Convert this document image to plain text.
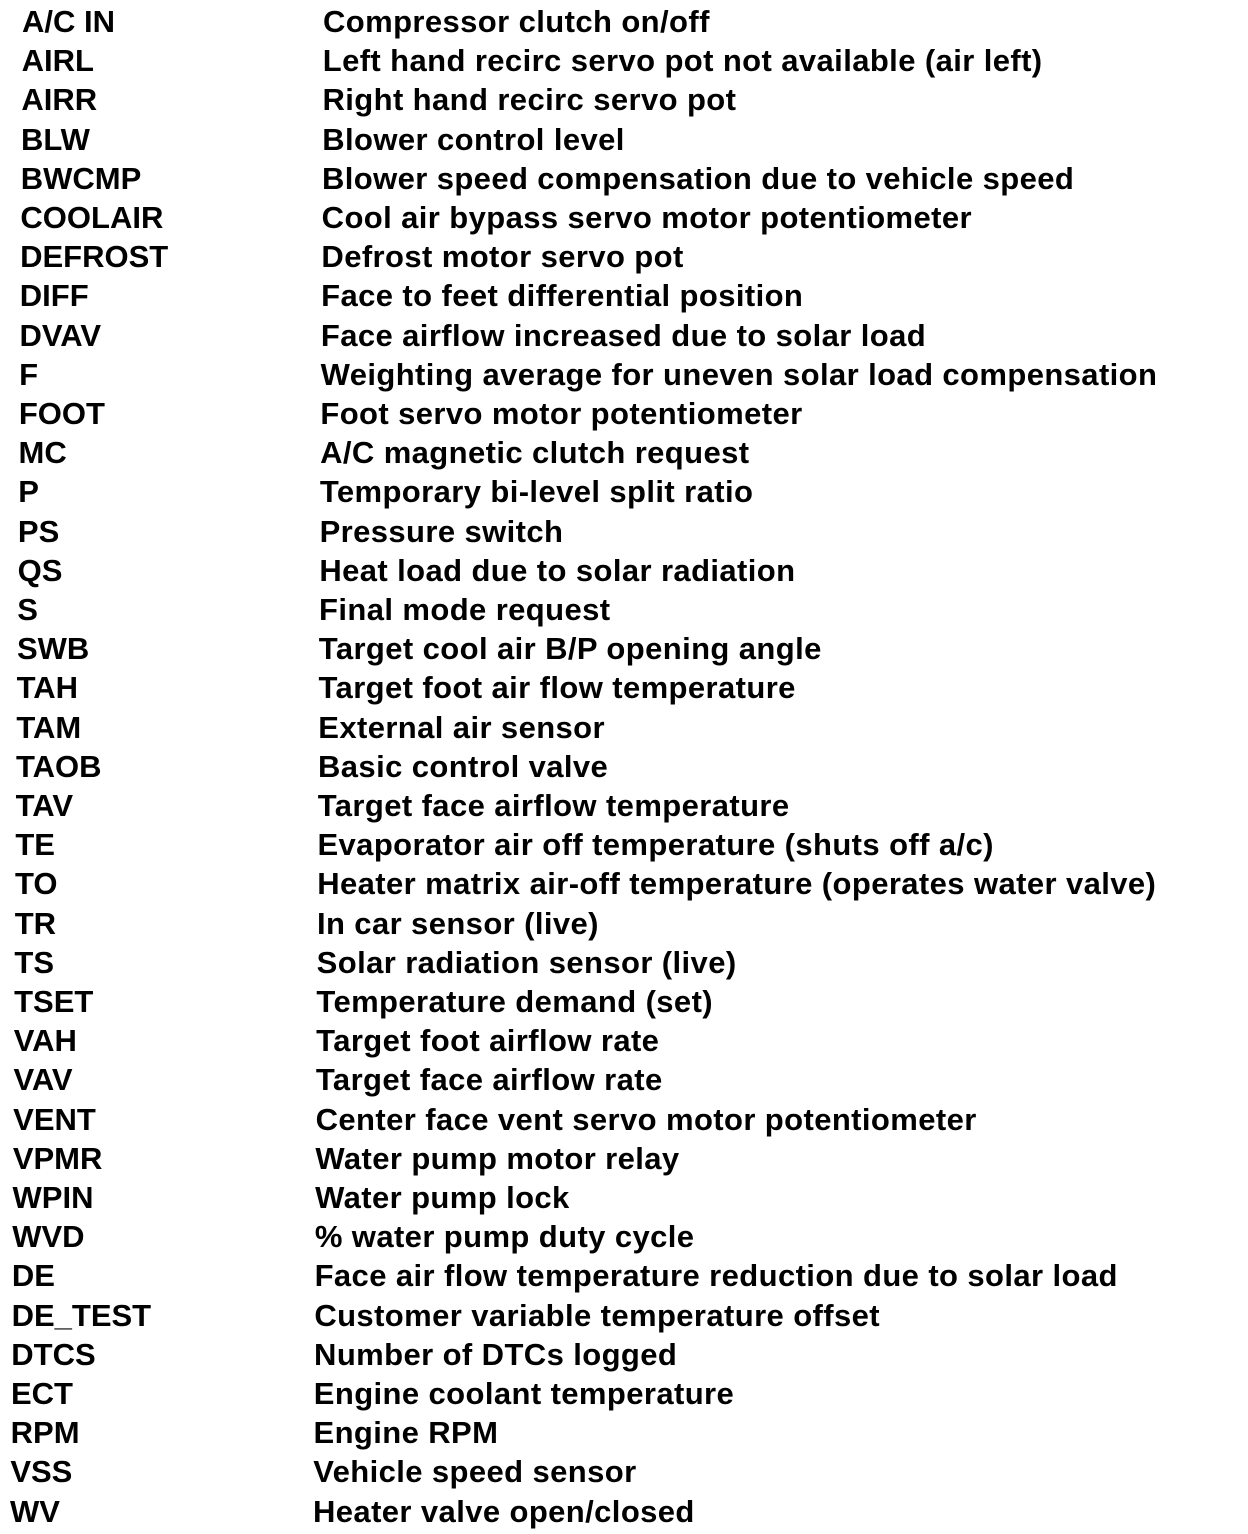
A/C IN	Compressor clutch on/off
AIRL	Left hand recirc servo pot not available (air left)
AIRR	Right hand recirc servo pot
BLW	Blower control level
BWCMP	Blower speed compensation due to vehicle speed
COOLAIR	Cool air bypass servo motor potentiometer
DEFROST	Defrost motor servo pot
DIFF	Face to feet differential position
DVAV	Face airflow increased due to solar load
F	Weighting average for uneven solar load compensation
FOOT	Foot servo motor potentiometer
MC	A/C magnetic clutch request
P	Temporary bi-level split ratio
PS	Pressure switch
QS	Heat load due to solar radiation
S	Final mode request
SWB	Target cool air B/P opening angle
TAH	Target foot air flow temperature
TAM	External air sensor
TAOB	Basic control valve
TAV	Target face airflow temperature
TE	Evaporator air off temperature (shuts off a/c)
TO	Heater matrix air-off temperature (operates water valve)
TR	In car sensor (live)
TS	Solar radiation sensor (live)
TSET	Temperature demand (set)
VAH	Target foot airflow rate
VAV	Target face airflow rate
VENT	Center face vent servo motor potentiometer
VPMR	Water pump motor relay
WPIN	Water pump lock
WVD	% water pump duty cycle
DE	Face air flow temperature reduction due to solar load
DE_TEST	Customer variable temperature offset
DTCS	Number of DTCs logged
ECT	Engine coolant temperature
RPM	Engine RPM
VSS	Vehicle speed sensor
WV	Heater valve open/closed
